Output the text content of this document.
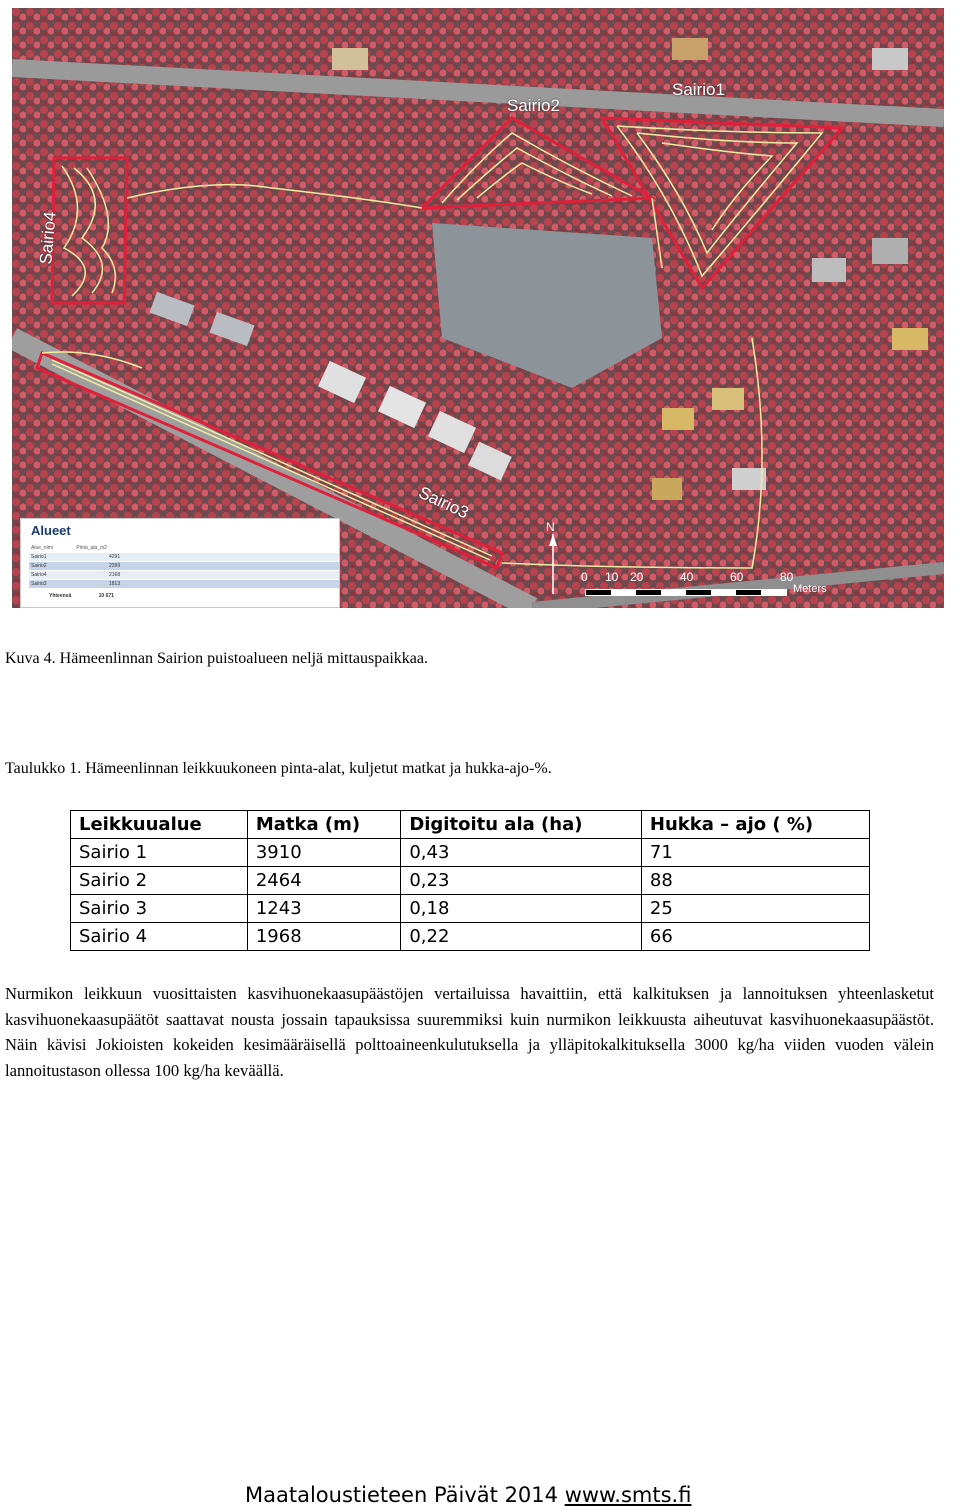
Sairio1
Sairio2
Sairio3
Sairio4
Alueet
Alue_nimi	Pinta_ala_m2
Sairio1	4291
Sairio2	2399
Sairio4	2168
Sairio3	1813
Yhteensä	10 671
N
0 10 20	40	60	80
Meters
Kuva 4. Hämeenlinnan Sairion puistoalueen neljä mittauspaikkaa.
Taulukko 1. Hämeenlinnan leikkuukoneen pinta-alat, kuljetut matkat ja hukka-ajo-%.
Leikkuualue	Matka (m)	Digitoitu ala (ha)	Hukka – ajo ( %)
Sairio 1	3910	0,43	71
Sairio 2	2464	0,23	88
Sairio 3	1243	0,18	25
Sairio 4	1968	0,22	66

Nurmikon leikkuun vuosittaisten kasvihuonekaasupäästöjen vertailuissa havaittiin, että kalkituksen ja lannoituksen yhteenlasketut kasvihuonekaasupäätöt saattavat nousta jossain tapauksissa suuremmiksi kuin nurmikon leikkuusta aiheutuvat kasvihuonekaasupäästöt. Näin kävisi Jokioisten kokeiden kesimääräisellä polttoaineenkulutuksella ja ylläpitokalkituksella 3000 kg/ha viiden vuoden välein lannoitustason ollessa 100 kg/ha keväällä.

Maataloustieteen Päivät 2014 www.smts.fi
